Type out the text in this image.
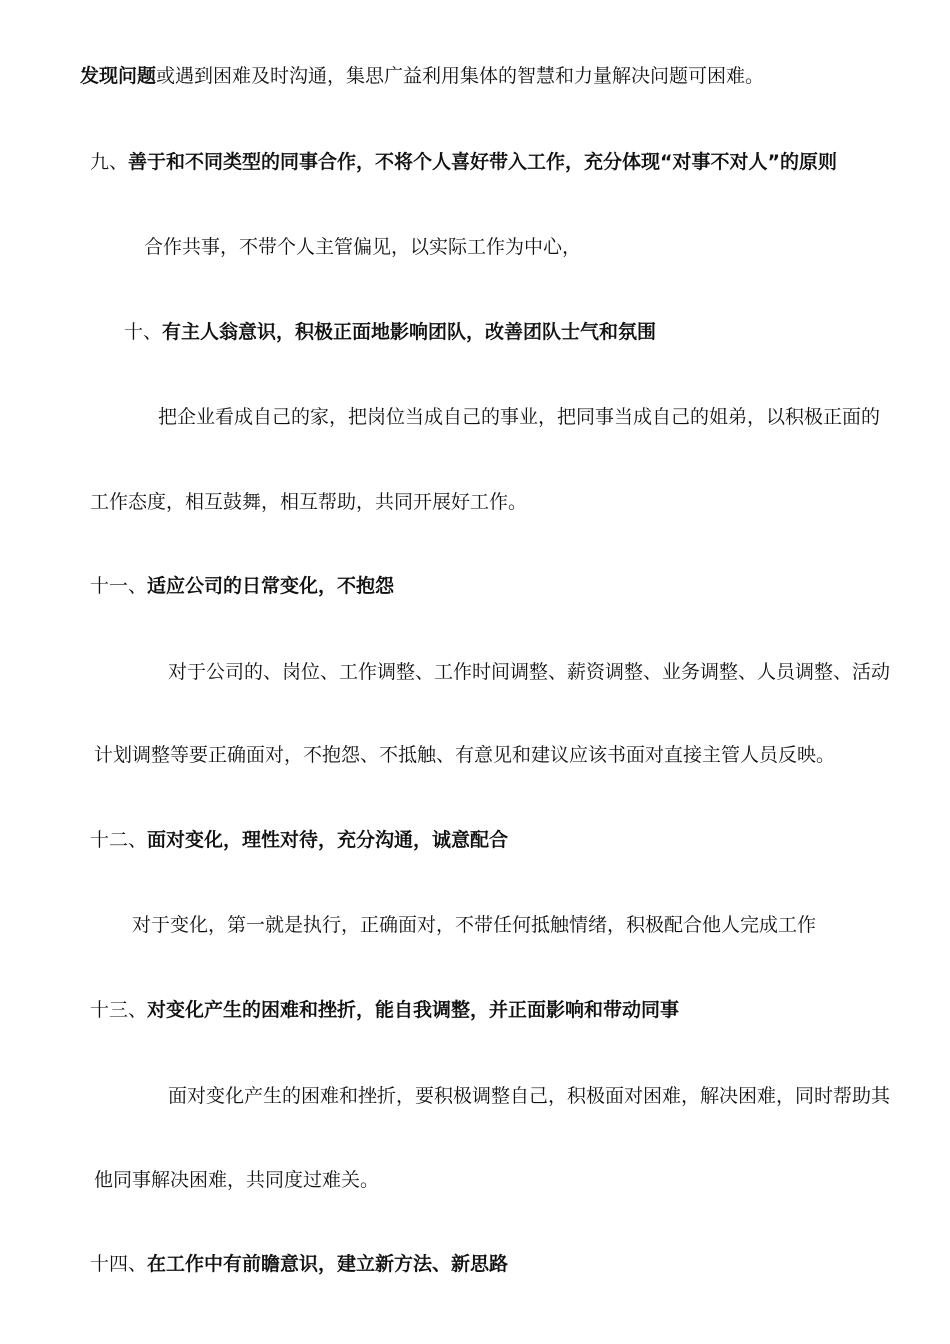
发现问题或遇到困难及时沟通，集思广益利用集体的智慧和力量解决问题可困难。
九、善于和不同类型的同事合作，不将个人喜好带入工作，充分体现“对事不对人”的原则
合作共事，不带个人主管偏见，以实际工作为中心，
十、有主人翁意识，积极正面地影响团队，改善团队士气和氛围
把企业看成自己的家，把岗位当成自己的事业，把同事当成自己的姐弟，以积极正面的
工作态度，相互鼓舞，相互帮助，共同开展好工作。
十一、适应公司的日常变化，不抱怨
对于公司的、岗位、工作调整、工作时间调整、薪资调整、业务调整、人员调整、活动
计划调整等要正确面对，不抱怨、不抵触、有意见和建议应该书面对直接主管人员反映。
十二、面对变化，理性对待，充分沟通，诚意配合
对于变化，第一就是执行，正确面对，不带任何抵触情绪，积极配合他人完成工作
十三、对变化产生的困难和挫折，能自我调整，并正面影响和带动同事
面对变化产生的困难和挫折，要积极调整自己，积极面对困难，解决困难，同时帮助其
他同事解决困难，共同度过难关。
十四、在工作中有前瞻意识，建立新方法、新思路
